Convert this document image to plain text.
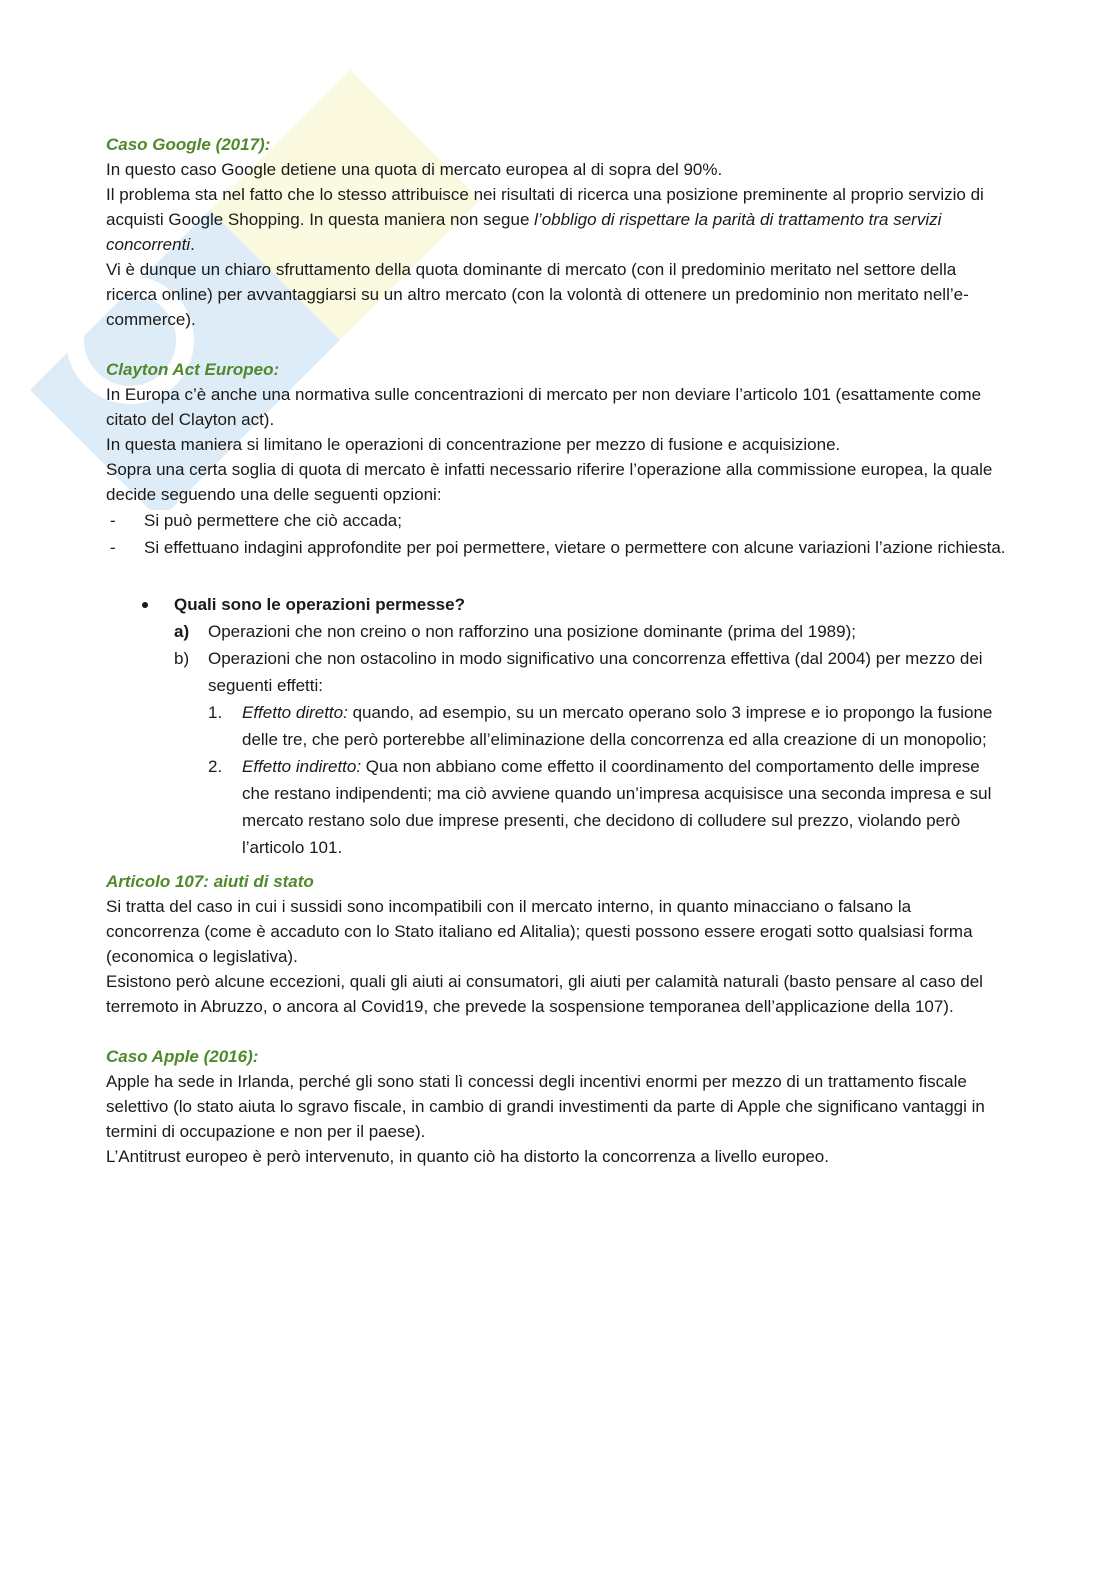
Caso Google (2017):

In questo caso Google detiene una quota di mercato europea al di sopra del 90%.

Il problema sta nel fatto che lo stesso attribuisce nei risultati di ricerca una posizione preminente al proprio servizio di acquisti Google Shopping. In questa maniera non segue l’obbligo di rispettare la parità di trattamento tra servizi concorrenti.

Vi è dunque un chiaro sfruttamento della quota dominante di mercato (con il predominio meritato nel settore della ricerca online) per avvantaggiarsi su un altro mercato (con la volontà di ottenere un predominio non meritato nell’e-commerce).

Clayton Act Europeo:

In Europa c’è anche una normativa sulle concentrazioni di mercato per non deviare l’articolo 101 (esattamente come citato del Clayton act).

In questa maniera si limitano le operazioni di concentrazione per mezzo di fusione e acquisizione.

Sopra una certa soglia di quota di mercato è infatti necessario riferire l’operazione alla commissione europea, la quale decide seguendo una delle seguenti opzioni:

- Si può permettere che ciò accada;
- Si effettuano indagini approfondite per poi permettere, vietare o permettere con alcune variazioni l’azione richiesta.
Quali sono le operazioni permesse?
a) Operazioni che non creino o non rafforzino una posizione dominante (prima del 1989);
b) Operazioni che non ostacolino in modo significativo una concorrenza effettiva (dal 2004) per mezzo dei seguenti effetti:
1. Effetto diretto: quando, ad esempio, su un mercato operano solo 3 imprese e io propongo la fusione delle tre, che però porterebbe all’eliminazione della concorrenza ed alla creazione di un monopolio;
2. Effetto indiretto: Qua non abbiano come effetto il coordinamento del comportamento delle imprese che restano indipendenti; ma ciò avviene quando un’impresa acquisisce una seconda impresa e sul mercato restano solo due imprese presenti, che decidono di colludere sul prezzo, violando però l’articolo 101.
Articolo 107: aiuti di stato

Si tratta del caso in cui i sussidi sono incompatibili con il mercato interno, in quanto minacciano o falsano la concorrenza (come è accaduto con lo Stato italiano ed Alitalia); questi possono essere erogati sotto qualsiasi forma (economica o legislativa).

Esistono però alcune eccezioni, quali gli aiuti ai consumatori, gli aiuti per calamità naturali (basto pensare al caso del terremoto in Abruzzo, o ancora al Covid19, che prevede la sospensione temporanea dell’applicazione della 107).

Caso Apple (2016):

Apple ha sede in Irlanda, perché gli sono stati lì concessi degli incentivi enormi per mezzo di un trattamento fiscale selettivo (lo stato aiuta lo sgravo fiscale, in cambio di grandi investimenti da parte di Apple che significano vantaggi in termini di occupazione e non per il paese).

L’Antitrust europeo è però intervenuto, in quanto ciò ha distorto la concorrenza a livello europeo.
